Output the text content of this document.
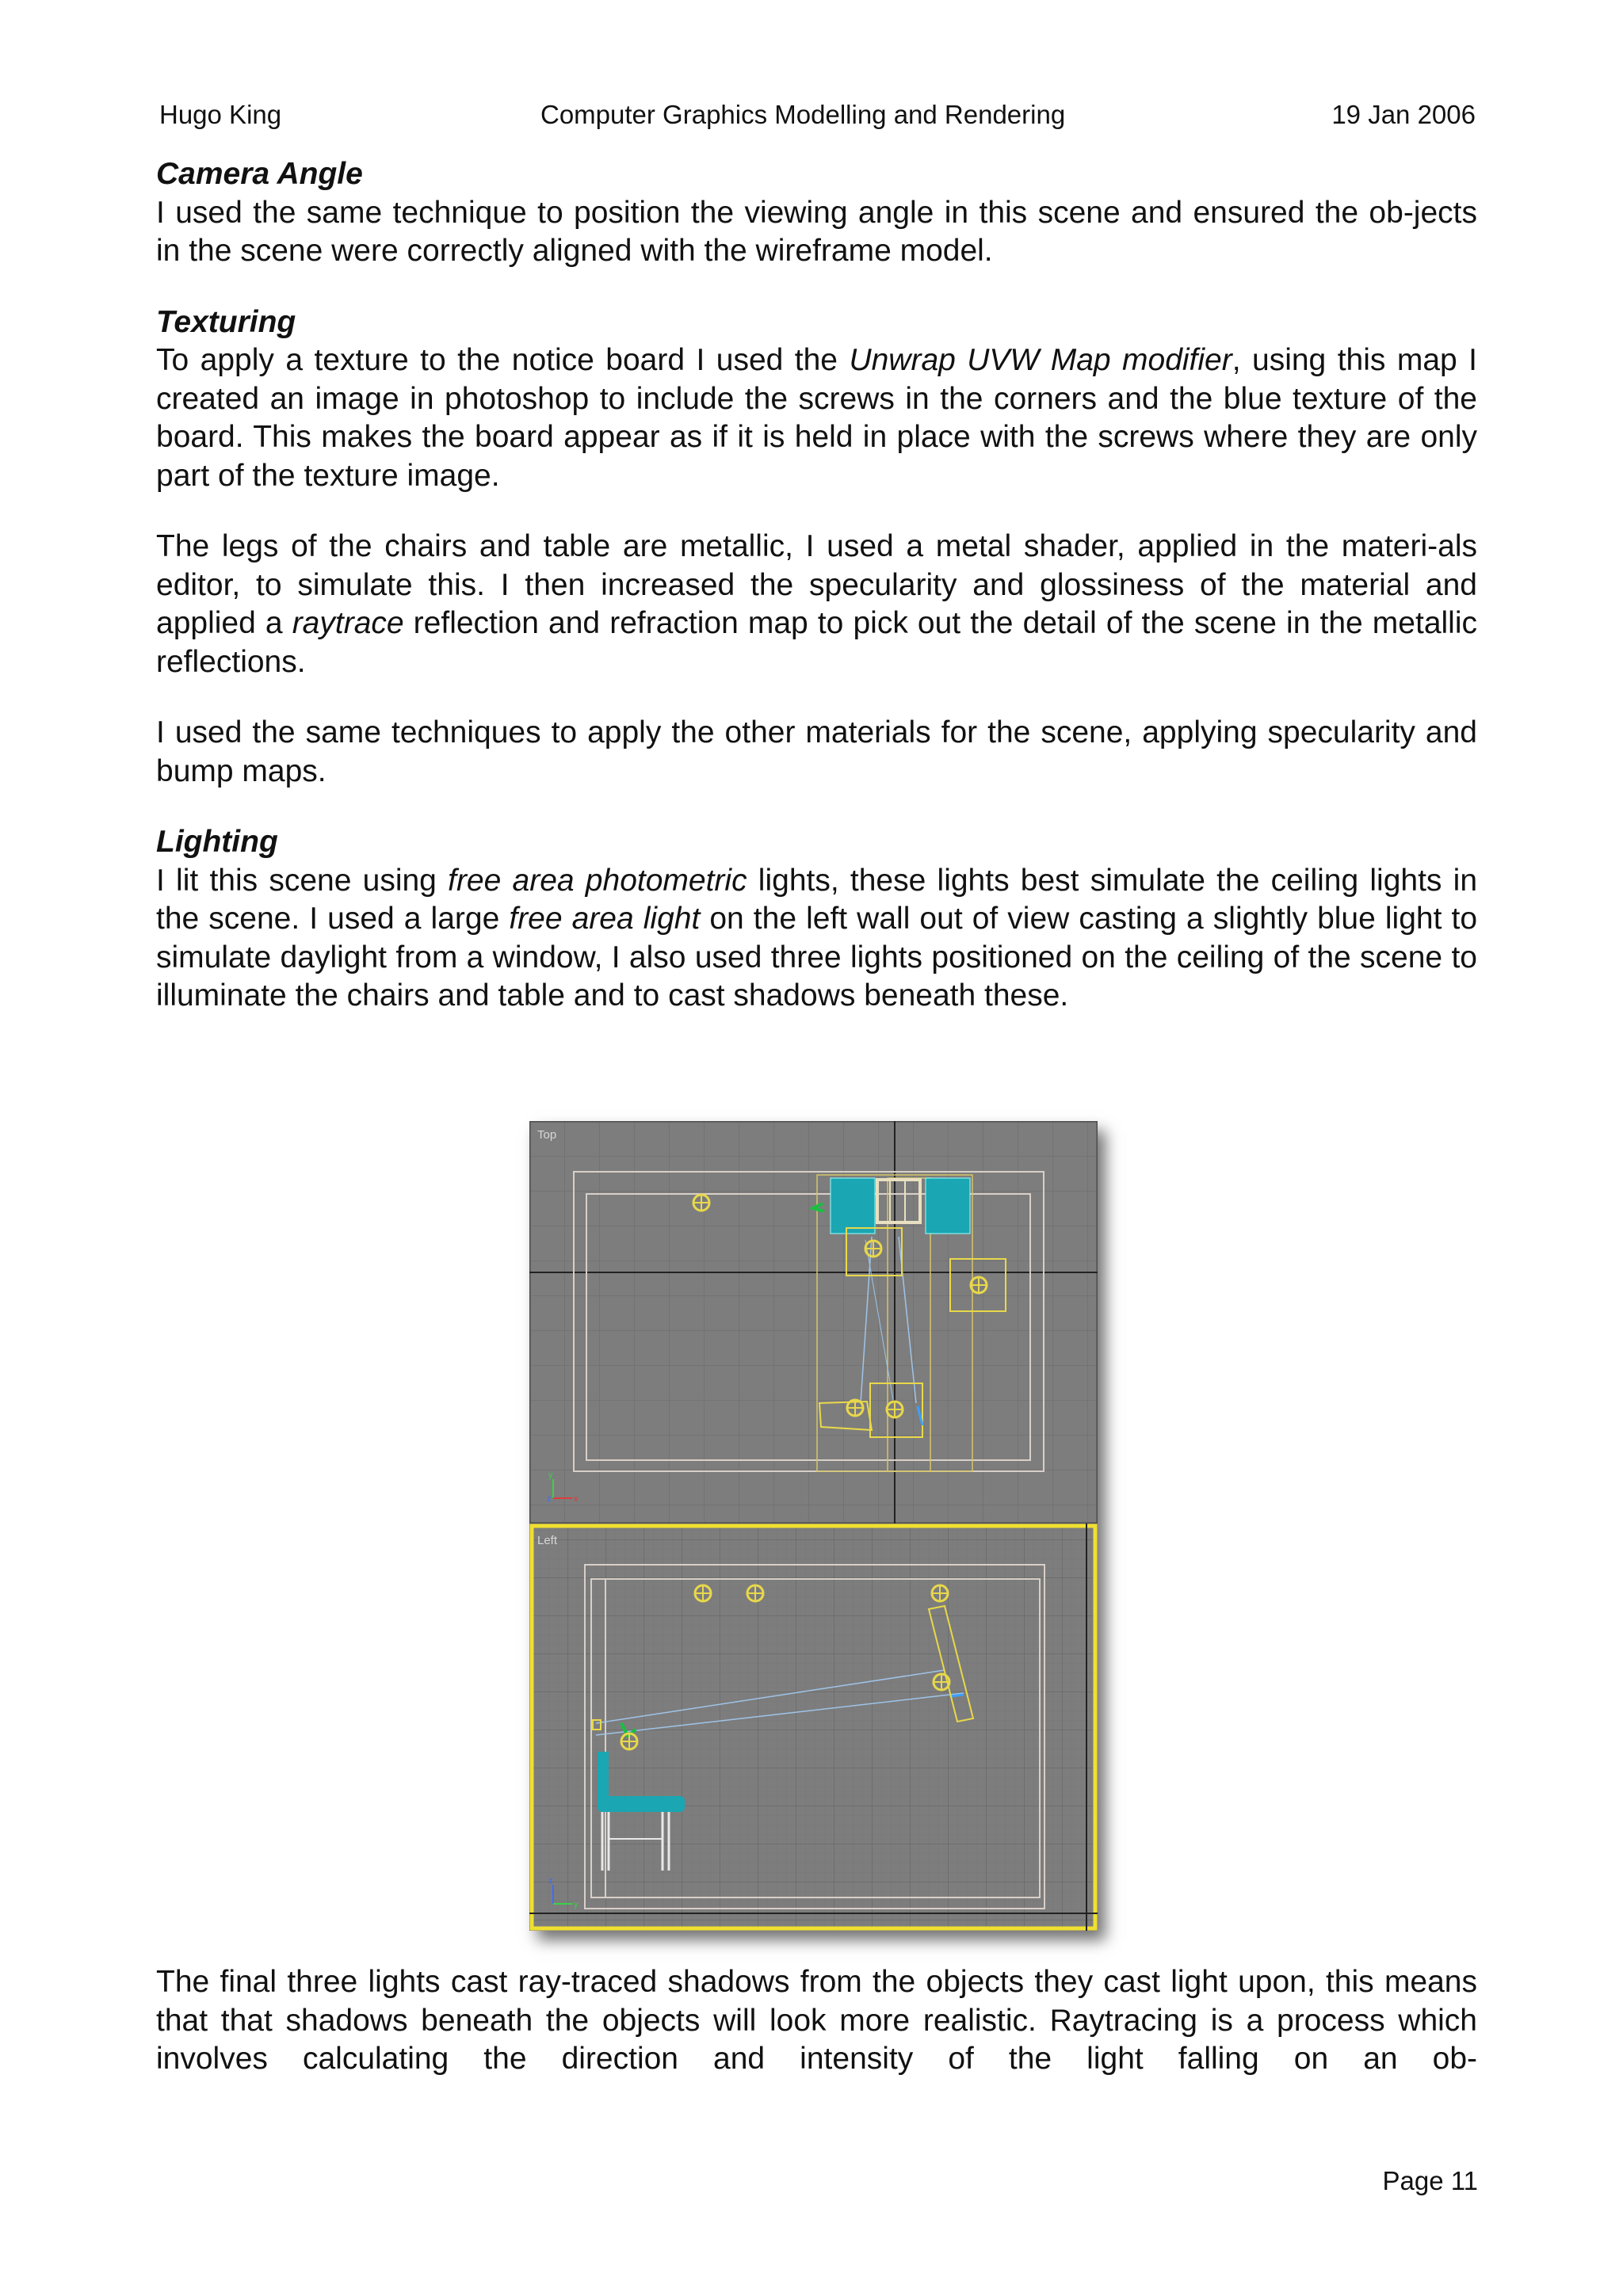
Hugo King	Computer Graphics Modelling and Rendering	19 Jan 2006
Camera Angle

I used the same technique to position the viewing angle in this scene and ensured the ob-jects in the scene were correctly aligned with the wireframe model.

Texturing

To apply a texture to the notice board I used the Unwrap UVW Map modifier, using this map I created an image in photoshop to include the screws in the corners and the blue texture of the board. This makes the board appear as if it is held in place with the screws where they are only part of the texture image.

The legs of the chairs and table are metallic, I used a metal shader, applied in the materi-als editor, to simulate this. I then increased the specularity and glossiness of the material and applied a raytrace reflection and refraction map to pick out the detail of the scene in the metallic reflections.

I used the same techniques to apply the other materials for the scene, applying specularity and bump maps.

Lighting

I lit this scene using free area photometric lights, these lights best simulate the ceiling lights in the scene. I used a large free area light on the left wall out of view casting a slightly blue light to simulate daylight from a window, I also used three lights positioned on the ceiling of the scene to illuminate the chairs and table and to cast shadows beneath these.

Top
y
x
z
Left
z
y

The final three lights cast ray-traced shadows from the objects they cast light upon, this means that that shadows beneath the objects will look more realistic. Raytracing is a process which involves calculating the direction and intensity of the light falling on an ob-

Page 11
